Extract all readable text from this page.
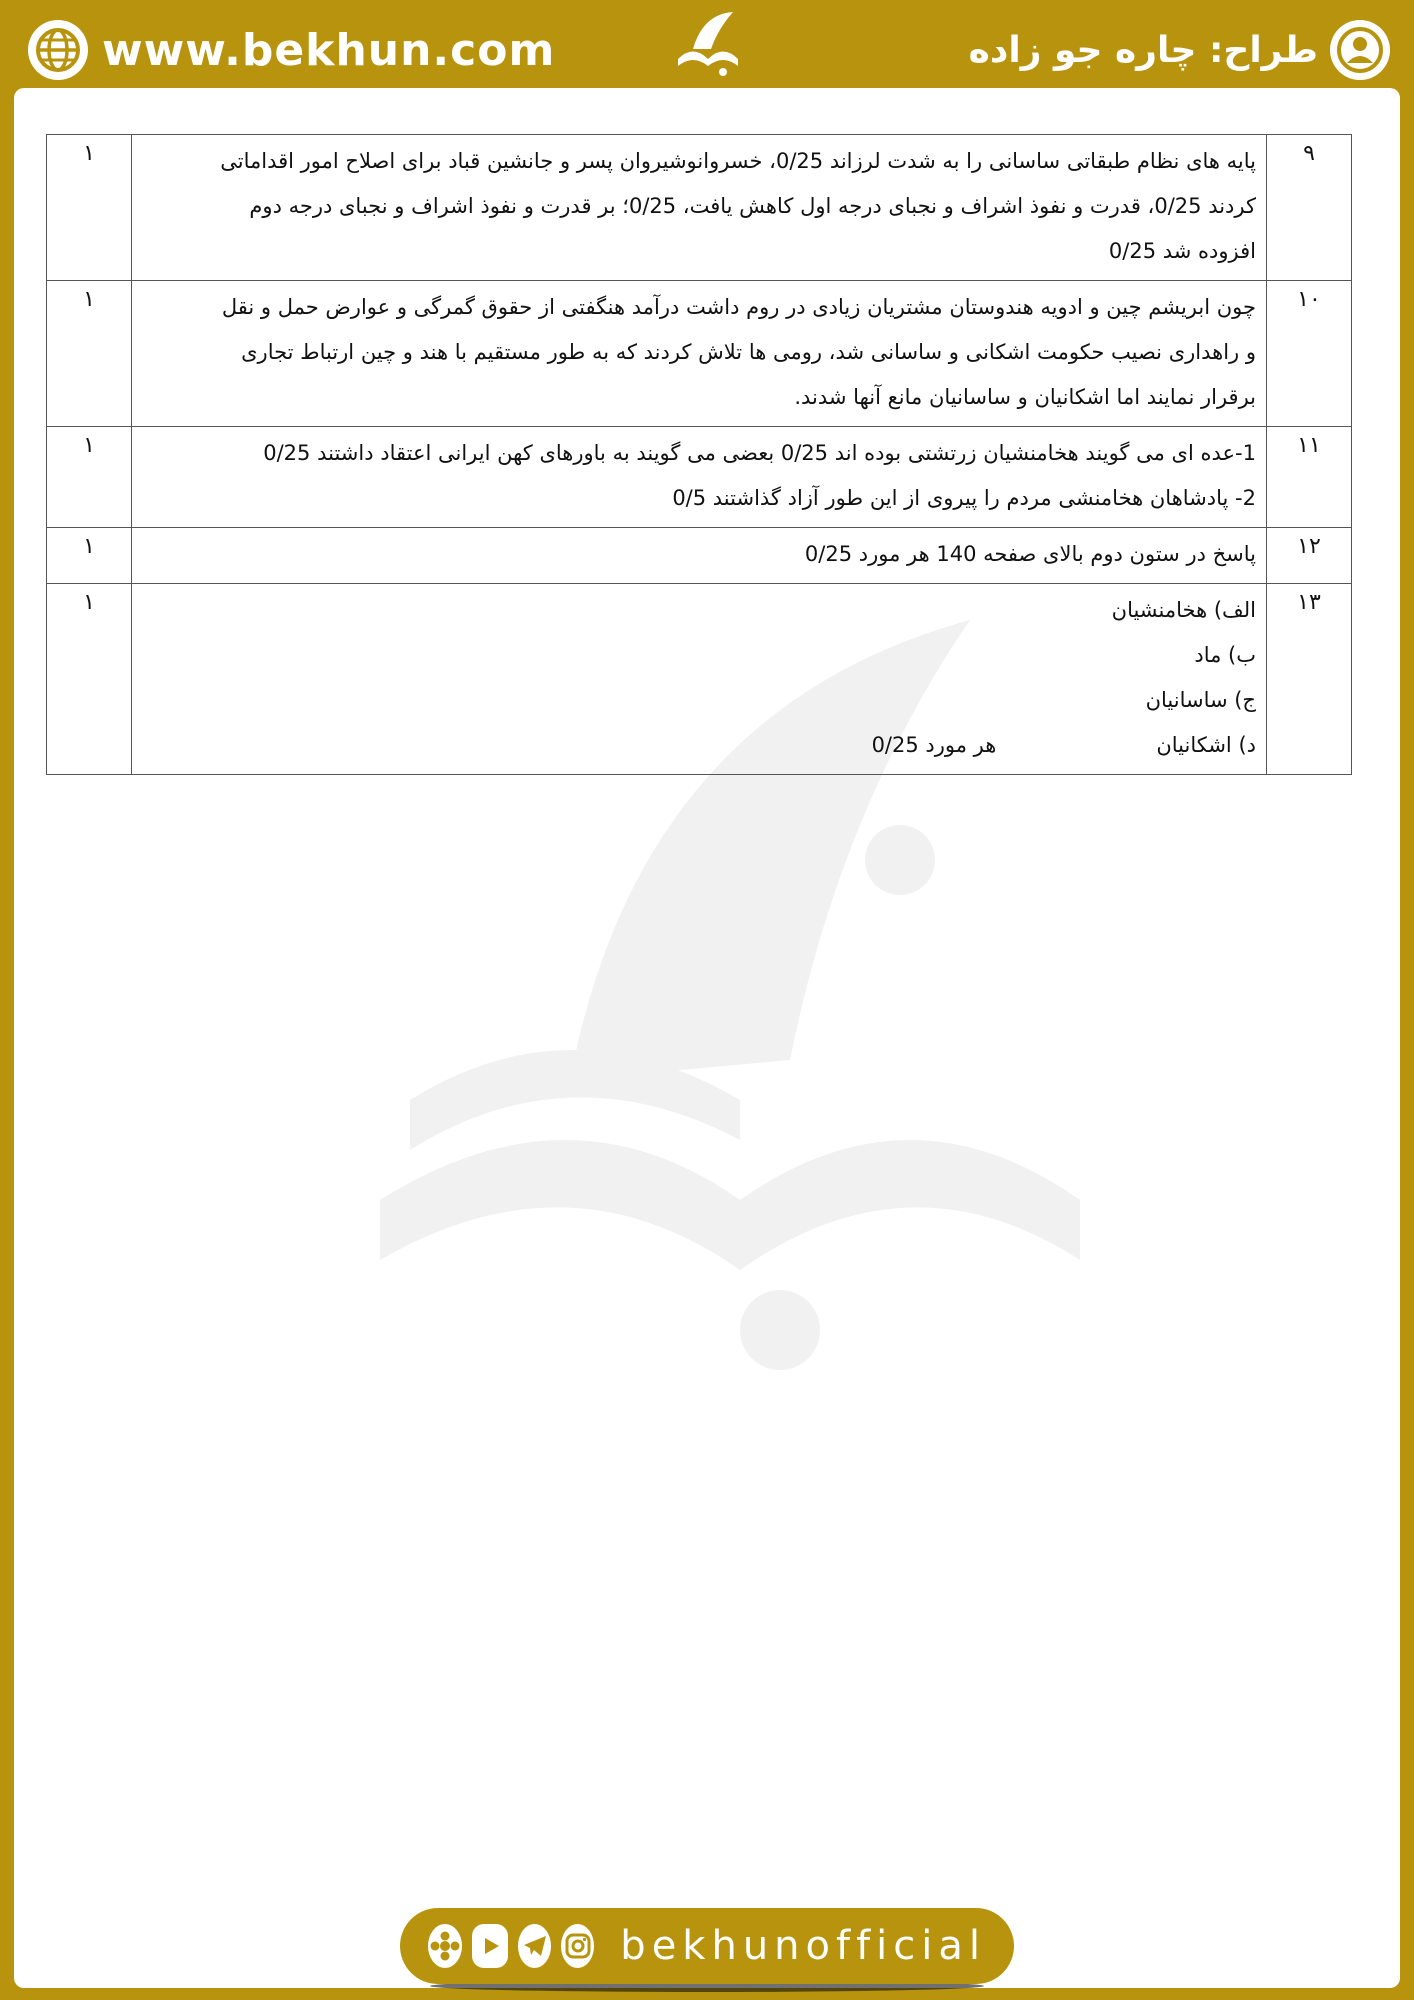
www.bekhun.com	طراح: چاره جو زاده
۹	پایه های نظام طبقاتی ساسانی را به شدت لرزاند 0/25، خسروانوشیروان پسر و جانشین قباد برای اصلاح امور اقداماتی
کردند 0/25، قدرت و نفوذ اشراف و نجبای درجه اول کاهش یافت، 0/25؛ بر قدرت و نفوذ اشراف و نجبای درجه دوم
افزوده شد 0/25	۱
۱۰	چون ابریشم چین و ادویه هندوستان مشتریان زیادی در روم داشت درآمد هنگفتی از حقوق گمرگی و عوارض حمل و نقل
و راهداری نصیب حکومت اشکانی و ساسانی شد، رومی ها تلاش کردند که به طور مستقیم با هند و چین ارتباط تجاری
برقرار نمایند اما اشکانیان و ساسانیان مانع آنها شدند.	۱
۱۱	1-عده ای می گویند هخامنشیان زرتشتی بوده اند 0/25 بعضی می گویند به باورهای کهن ایرانی اعتقاد داشتند 0/25
2- پادشاهان هخامنشی مردم را پیروی از این طور آزاد گذاشتند 0/5	۱
۱۲	پاسخ در ستون دوم بالای صفحه 140 هر مورد 0/25	۱
۱۳	الف) هخامنشیان
ب) ماد
ج) ساسانیان
د) اشکانیان
هر مورد 0/25	۱
bekhunofficial
